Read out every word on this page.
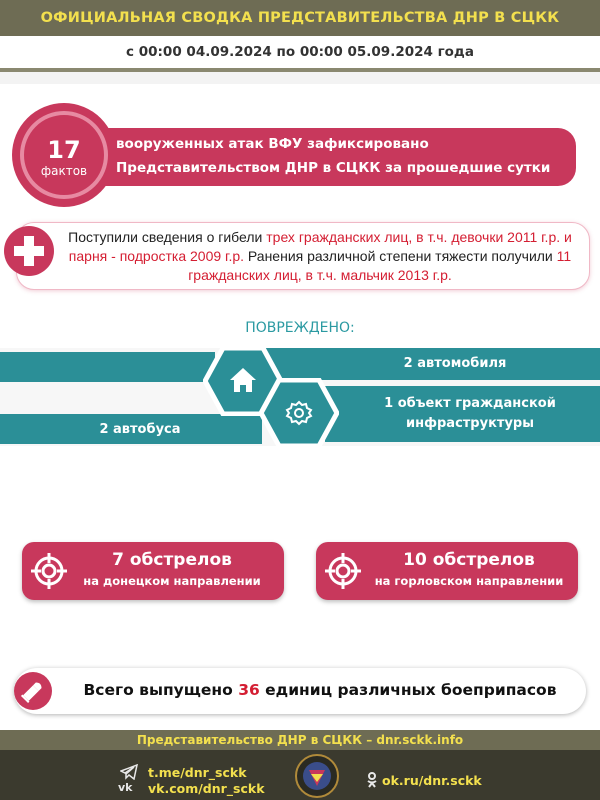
ОФИЦИАЛЬНАЯ СВОДКА ПРЕДСТАВИТЕЛЬСТВА ДНР В СЦКК
с 00:00 04.09.2024 по 00:00 05.09.2024 года
вооруженных атак ВФУ зафиксировано
Представительством ДНР в СЦКК за прошедшие сутки
17
фактов
Поступили сведения о гибели трех гражданских лиц, в т.ч. девочки 2011 г.р. и парня - подростка 2009 г.р. Ранения различной степени тяжести получили 11 гражданских лиц, в т.ч. мальчик 2013 г.р.
ПОВРЕЖДЕНО:
2 автомобиля
2 автобуса
1 объект гражданской
инфраструктуры
7 обстрелов
на донецком направлении
10 обстрелов
на горловском направлении
Всего выпущено 36 единиц различных боеприпасов
Представительство ДНР в СЦКК – dnr.sckk.info
t.me/dnr_sckk
vk vk.com/dnr_sckk
ok.ru/dnr.sckk
